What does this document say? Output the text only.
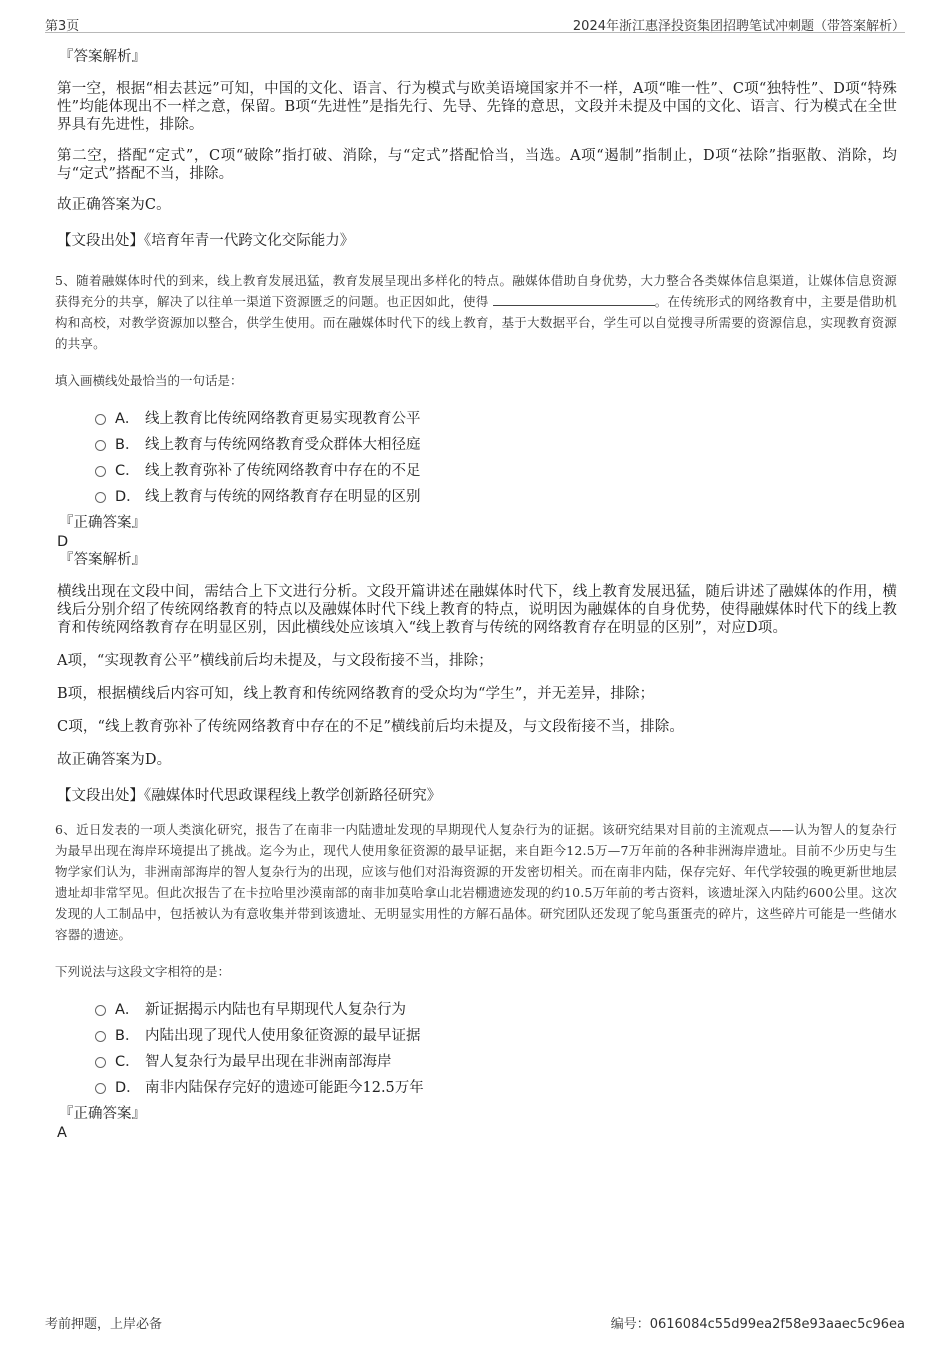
第3页	2024年浙江惠泽投资集团招聘笔试冲刺题（带答案解析）
『答案解析』

第一空，根据“相去甚远”可知，中国的文化、语言、行为模式与欧美语境国家并不一样，A项“唯一性”、C项“独特性”、D项“特殊性”均能体现出不一样之意，保留。B项“先进性”是指先行、先导、先锋的意思，文段并未提及中国的文化、语言、行为模式在全世界具有先进性，排除。

第二空，搭配“定式”，C项“破除”指打破、消除，与“定式”搭配恰当，当选。A项“遏制”指制止，D项“祛除”指驱散、消除，均与“定式”搭配不当，排除。

故正确答案为C。

【文段出处】《培育年青一代跨文化交际能力》

5、随着融媒体时代的到来，线上教育发展迅猛，教育发展呈现出多样化的特点。融媒体借助自身优势，大力整合各类媒体信息渠道，让媒体信息资源获得充分的共享，解决了以往单一渠道下资源匮乏的问题。也正因如此，使得	。在传统形式的网络教育中，主要是借助机构和高校，对教学资源加以整合，供学生使用。而在融媒体时代下的线上教育，基于大数据平台，学生可以自觉搜寻所需要的资源信息，实现教育资源的共享。

填入画横线处最恰当的一句话是：

A． 线上教育比传统网络教育更易实现教育公平
B． 线上教育与传统网络教育受众群体大相径庭
C． 线上教育弥补了传统网络教育中存在的不足
D． 线上教育与传统的网络教育存在明显的区别
『正确答案』
D
『答案解析』

横线出现在文段中间，需结合上下文进行分析。文段开篇讲述在融媒体时代下，线上教育发展迅猛，随后讲述了融媒体的作用，横线后分别介绍了传统网络教育的特点以及融媒体时代下线上教育的特点，说明因为融媒体的自身优势，使得融媒体时代下的线上教育和传统网络教育存在明显区别，因此横线处应该填入“线上教育与传统的网络教育存在明显的区别”，对应D项。

A项，“实现教育公平”横线前后均未提及，与文段衔接不当，排除；

B项，根据横线后内容可知，线上教育和传统网络教育的受众均为“学生”，并无差异，排除；

C项，“线上教育弥补了传统网络教育中存在的不足”横线前后均未提及，与文段衔接不当，排除。

故正确答案为D。

【文段出处】《融媒体时代思政课程线上教学创新路径研究》

6、近日发表的一项人类演化研究，报告了在南非一内陆遗址发现的早期现代人复杂行为的证据。该研究结果对目前的主流观点——认为智人的复杂行为最早出现在海岸环境提出了挑战。迄今为止，现代人使用象征资源的最早证据，来自距今12.5万—7万年前的各种非洲海岸遗址。目前不少历史与生物学家们认为，非洲南部海岸的智人复杂行为的出现，应该与他们对沿海资源的开发密切相关。而在南非内陆，保存完好、年代学较强的晚更新世地层遗址却非常罕见。但此次报告了在卡拉哈里沙漠南部的南非加莫哈拿山北岩棚遗迹发现的约10.5万年前的考古资料，该遗址深入内陆约600公里。这次发现的人工制品中，包括被认为有意收集并带到该遗址、无明显实用性的方解石晶体。研究团队还发现了鸵鸟蛋蛋壳的碎片，这些碎片可能是一些储水容器的遗迹。

下列说法与这段文字相符的是：

A． 新证据揭示内陆也有早期现代人复杂行为
B． 内陆出现了现代人使用象征资源的最早证据
C． 智人复杂行为最早出现在非洲南部海岸
D． 南非内陆保存完好的遗迹可能距今12.5万年
『正确答案』
A
考前押题，上岸必备	编号：0616084c55d99ea2f58e93aaec5c96ea
